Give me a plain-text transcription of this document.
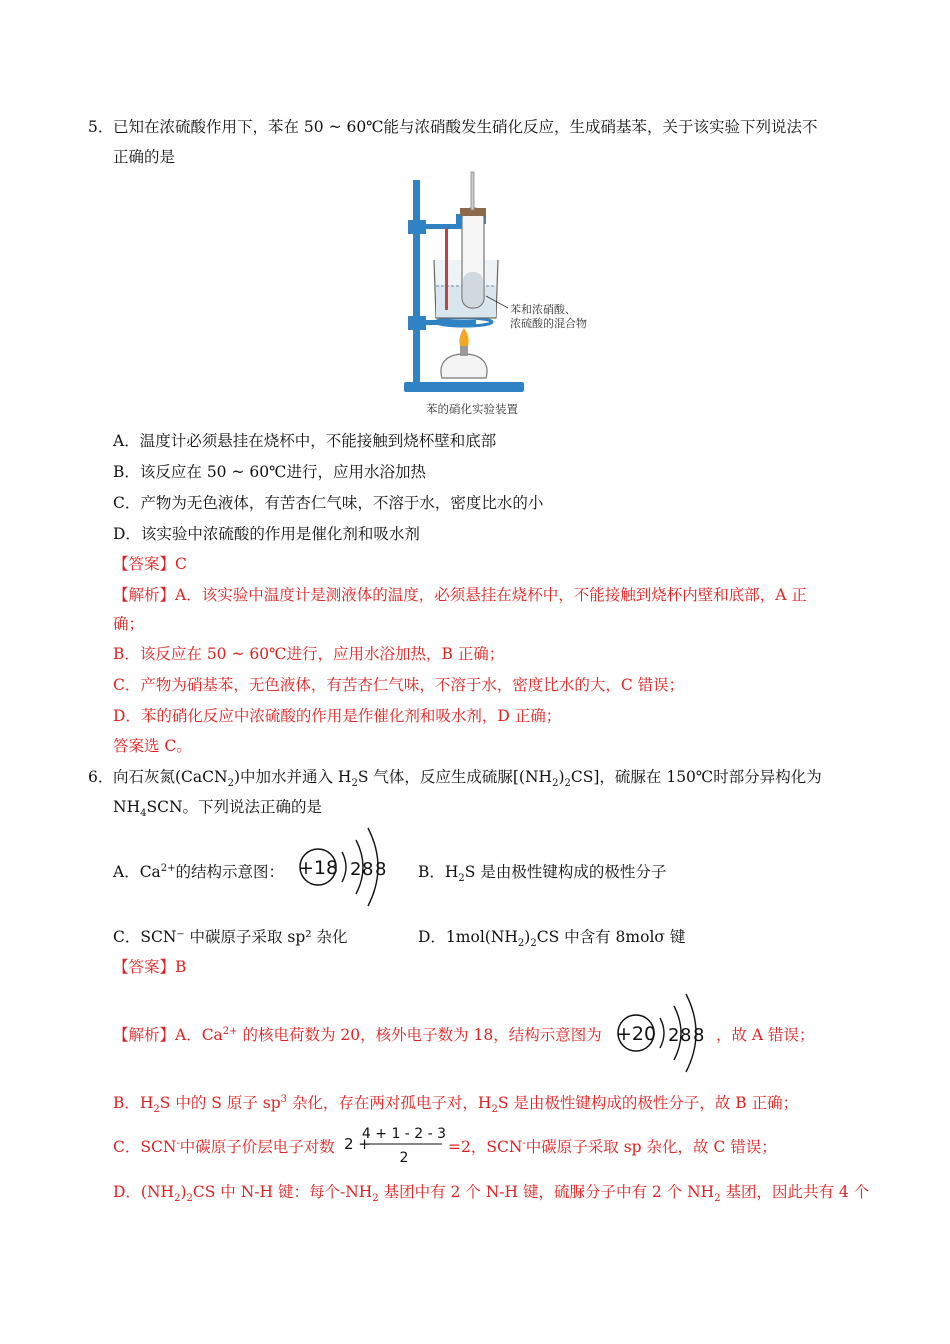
5． 已知在浓硫酸作用下，苯在 50 ~ 60℃能与浓硝酸发生硝化反应，生成硝基苯，关于该实验下列说法不
正确的是
苯和浓硝酸、
浓硫酸的混合物
苯的硝化实验装置
A．温度计必须悬挂在烧杯中，不能接触到烧杯壁和底部
B．该反应在 50 ~ 60℃进行，应用水浴加热
C．产物为无色液体，有苦杏仁气味，不溶于水，密度比水的小
D．该实验中浓硫酸的作用是催化剂和吸水剂
【答案】C
【解析】A．该实验中温度计是测液体的温度，必须悬挂在烧杯中，不能接触到烧杯内壁和底部，A 正
确；
B．该反应在 50 ~ 60℃进行，应用水浴加热，B 正确；
C．产物为硝基苯，无色液体，有苦杏仁气味，不溶于水，密度比水的大，C 错误；
D．苯的硝化反应中浓硫酸的作用是作催化剂和吸水剂，D 正确；
答案选 C。
6． 向石灰氮(CaCN$_2$)中加水并通入 $H_2S$ 气体，反应生成硫脲$[(NH_2)_2CS]$，硫脲在 150℃时部分异构化为
$NH_4SCN$。下列说法正确的是
A．$Ca^{2+}$的结构示意图： +18 2 8 8 B．$H_2S$ 是由极性键构成的极性分子
C．SCN⁻ 中碳原子采取 sp² 杂化	D．$1mol(NH_2)_2CS$ 中含有 8molσ 键
【答案】B
【解析】A．$Ca^{2+}$ 的核电荷数为 20，核外电子数为 18，结构示意图为 +20 2 8 8 ，故 A 错误；
B．$H_2S$ 中的 S 原子 $sp^3$ 杂化，存在两对孤电子对，$H_2S$ 是由极性键构成的极性分子，故 B 正确；
C．SCN-中碳原子价层电子对数 2 +
4 + 1 - 2 - 3
2
=2，SCN-中碳原子采取 sp 杂化，故 C 错误；
D．$(NH_2)_2CS$ 中 N-H 键：每个$-NH_2$ 基团中有 2 个 N-H 键，硫脲分子中有 2 个 $NH_2$ 基团，因此共有 4 个
